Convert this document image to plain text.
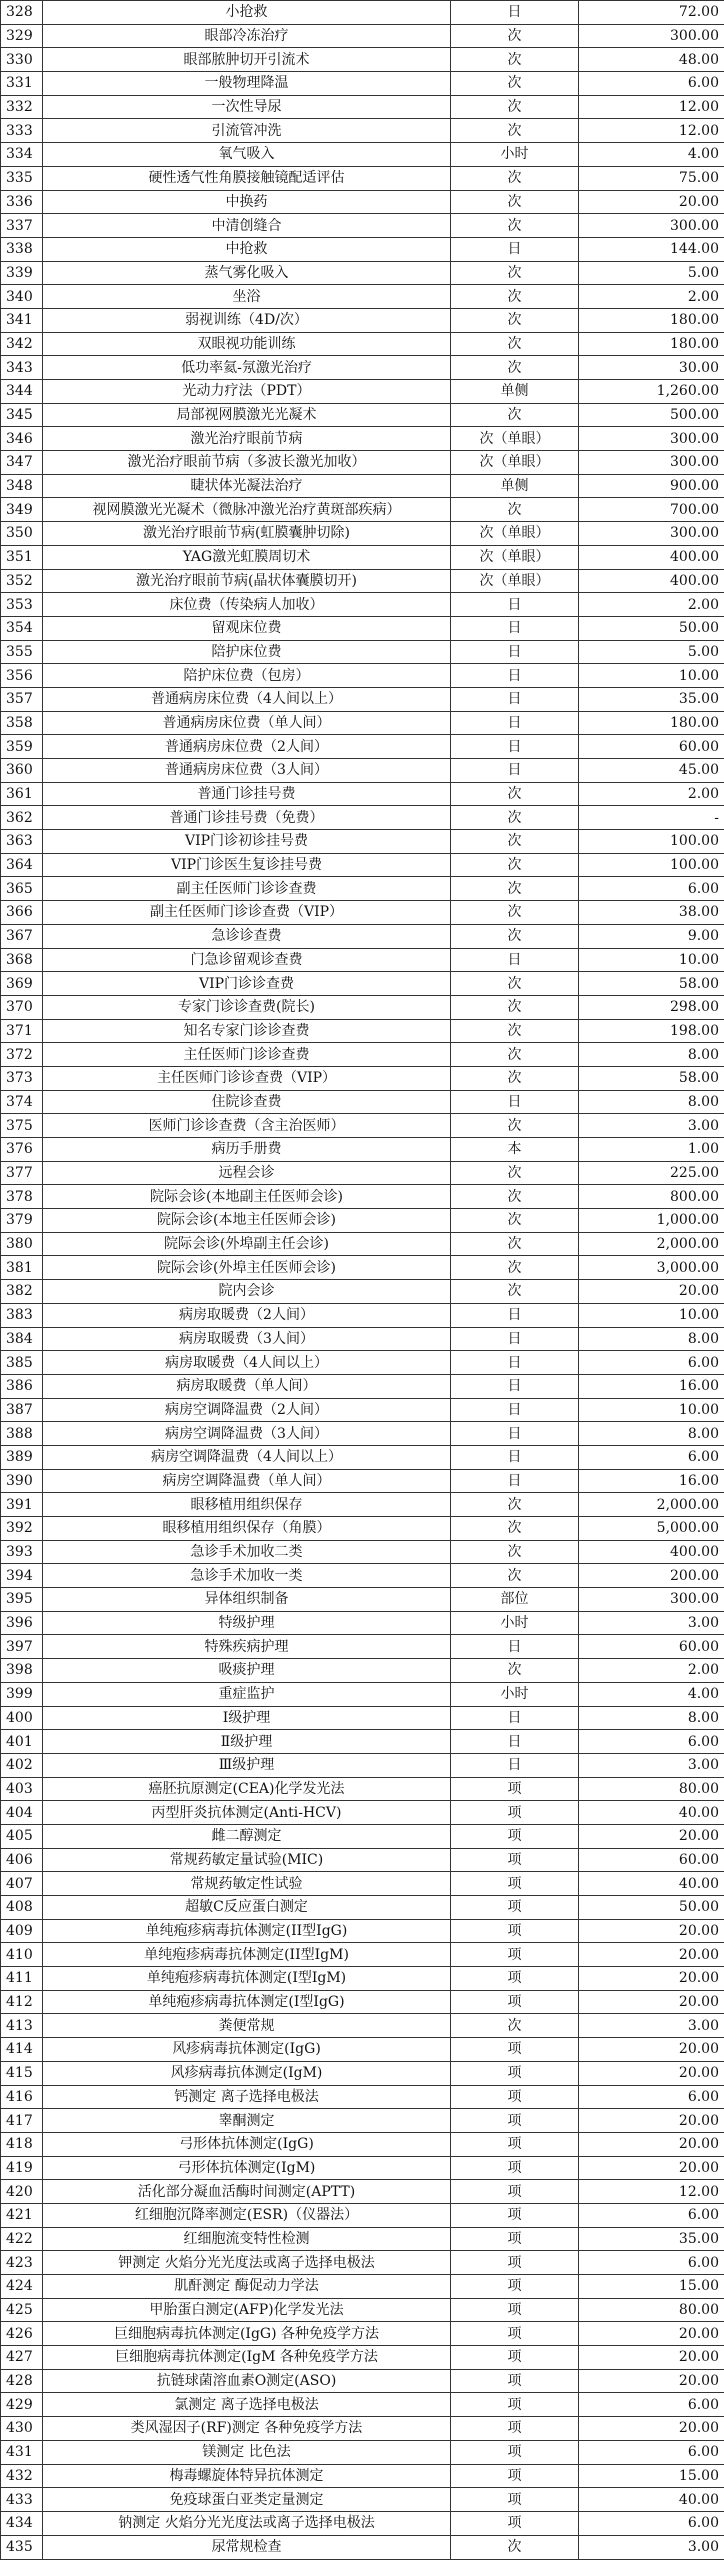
328	小抢救	日	72.00
329	眼部冷冻治疗	次	300.00
330	眼部脓肿切开引流术	次	48.00
331	一般物理降温	次	6.00
332	一次性导尿	次	12.00
333	引流管冲洗	次	12.00
334	氧气吸入	小时	4.00
335	硬性透气性角膜接触镜配适评估	次	75.00
336	中换药	次	20.00
337	中清创缝合	次	300.00
338	中抢救	日	144.00
339	蒸气雾化吸入	次	5.00
340	坐浴	次	2.00
341	弱视训练（4D/次）	次	180.00
342	双眼视功能训练	次	180.00
343	低功率氦-氖激光治疗	次	30.00
344	光动力疗法（PDT）	单侧	1,260.00
345	局部视网膜激光光凝术	次	500.00
346	激光治疗眼前节病	次（单眼）	300.00
347	激光治疗眼前节病（多波长激光加收）	次（单眼）	300.00
348	睫状体光凝法治疗	单侧	900.00
349	视网膜激光光凝术（微脉冲激光治疗黄斑部疾病）	次	700.00
350	激光治疗眼前节病(虹膜囊肿切除)	次（单眼）	300.00
351	YAG激光虹膜周切术	次（单眼）	400.00
352	激光治疗眼前节病(晶状体囊膜切开)	次（单眼）	400.00
353	床位费（传染病人加收）	日	2.00
354	留观床位费	日	50.00
355	陪护床位费	日	5.00
356	陪护床位费（包房）	日	10.00
357	普通病房床位费（4人间以上）	日	35.00
358	普通病房床位费（单人间）	日	180.00
359	普通病房床位费（2人间）	日	60.00
360	普通病房床位费（3人间）	日	45.00
361	普通门诊挂号费	次	2.00
362	普通门诊挂号费（免费）	次	-
363	VIP门诊初诊挂号费	次	100.00
364	VIP门诊医生复诊挂号费	次	100.00
365	副主任医师门诊诊查费	次	6.00
366	副主任医师门诊诊查费（VIP）	次	38.00
367	急诊诊查费	次	9.00
368	门急诊留观诊查费	日	10.00
369	VIP门诊诊查费	次	58.00
370	专家门诊诊查费(院长)	次	298.00
371	知名专家门诊诊查费	次	198.00
372	主任医师门诊诊查费	次	8.00
373	主任医师门诊诊查费（VIP）	次	58.00
374	住院诊查费	日	8.00
375	医师门诊诊查费（含主治医师）	次	3.00
376	病历手册费	本	1.00
377	远程会诊	次	225.00
378	院际会诊(本地副主任医师会诊)	次	800.00
379	院际会诊(本地主任医师会诊)	次	1,000.00
380	院际会诊(外埠副主任会诊)	次	2,000.00
381	院际会诊(外埠主任医师会诊)	次	3,000.00
382	院内会诊	次	20.00
383	病房取暖费（2人间）	日	10.00
384	病房取暖费（3人间）	日	8.00
385	病房取暖费（4人间以上）	日	6.00
386	病房取暖费（单人间）	日	16.00
387	病房空调降温费（2人间）	日	10.00
388	病房空调降温费（3人间）	日	8.00
389	病房空调降温费（4人间以上）	日	6.00
390	病房空调降温费（单人间）	日	16.00
391	眼移植用组织保存	次	2,000.00
392	眼移植用组织保存（角膜）	次	5,000.00
393	急诊手术加收二类	次	400.00
394	急诊手术加收一类	次	200.00
395	异体组织制备	部位	300.00
396	特级护理	小时	3.00
397	特殊疾病护理	日	60.00
398	吸痰护理	次	2.00
399	重症监护	小时	4.00
400	Ⅰ级护理	日	8.00
401	Ⅱ级护理	日	6.00
402	Ⅲ级护理	日	3.00
403	癌胚抗原测定(CEA)化学发光法	项	80.00
404	丙型肝炎抗体测定(Anti-HCV)	项	40.00
405	雌二醇测定	项	20.00
406	常规药敏定量试验(MIC)	项	60.00
407	常规药敏定性试验	项	40.00
408	超敏C反应蛋白测定	项	50.00
409	单纯疱疹病毒抗体测定(II型IgG)	项	20.00
410	单纯疱疹病毒抗体测定(II型IgM)	项	20.00
411	单纯疱疹病毒抗体测定(I型IgM)	项	20.00
412	单纯疱疹病毒抗体测定(I型IgG)	项	20.00
413	粪便常规	次	3.00
414	风疹病毒抗体测定(IgG)	项	20.00
415	风疹病毒抗体测定(IgM)	项	20.00
416	钙测定 离子选择电极法	项	6.00
417	睾酮测定	项	20.00
418	弓形体抗体测定(IgG)	项	20.00
419	弓形体抗体测定(IgM)	项	20.00
420	活化部分凝血活酶时间测定(APTT)	项	12.00
421	红细胞沉降率测定(ESR)（仪器法）	项	6.00
422	红细胞流变特性检测	项	35.00
423	钾测定 火焰分光光度法或离子选择电极法	项	6.00
424	肌酐测定 酶促动力学法	项	15.00
425	甲胎蛋白测定(AFP)化学发光法	项	80.00
426	巨细胞病毒抗体测定(IgG) 各种免疫学方法	项	20.00
427	巨细胞病毒抗体测定(IgM 各种免疫学方法	项	20.00
428	抗链球菌溶血素O测定(ASO)	项	20.00
429	氯测定 离子选择电极法	项	6.00
430	类风湿因子(RF)测定 各种免疫学方法	项	20.00
431	镁测定 比色法	项	6.00
432	梅毒螺旋体特异抗体测定	项	15.00
433	免疫球蛋白亚类定量测定	项	40.00
434	钠测定 火焰分光光度法或离子选择电极法	项	6.00
435	尿常规检查	次	3.00
